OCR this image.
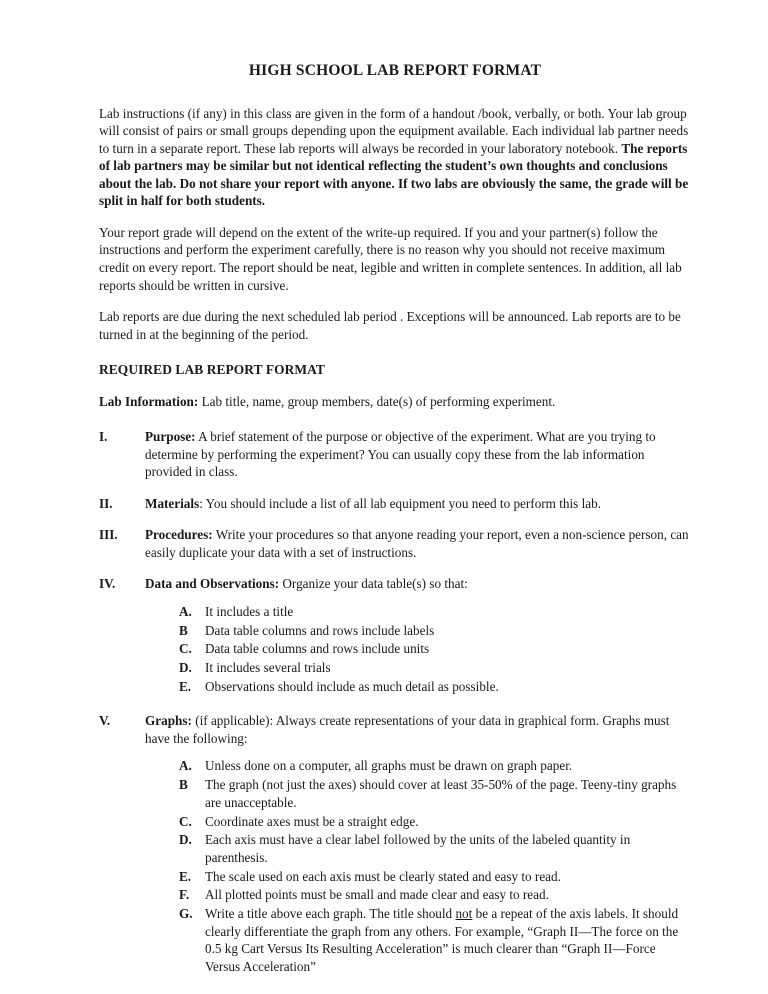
HIGH SCHOOL LAB REPORT FORMAT

Lab instructions (if any) in this class are given in the form of a handout /book, verbally, or both. Your lab group will consist of pairs or small groups depending upon the equipment available. Each individual lab partner needs to turn in a separate report. These lab reports will always be recorded in your laboratory notebook. The reports of lab partners may be similar but not identical reflecting the student’s own thoughts and conclusions about the lab. Do not share your report with anyone. If two labs are obviously the same, the grade will be split in half for both students.

Your report grade will depend on the extent of the write-up required. If you and your partner(s) follow the instructions and perform the experiment carefully, there is no reason why you should not receive maximum credit on every report. The report should be neat, legible and written in complete sentences. In addition, all lab reports should be written in cursive.

Lab reports are due during the next scheduled lab period . Exceptions will be announced. Lab reports are to be turned in at the beginning of the period.

REQUIRED LAB REPORT FORMAT
Lab Information: Lab title, name, group members, date(s) of performing experiment.
I.	Purpose: A brief statement of the purpose or objective of the experiment. What are you trying to determine by performing the experiment? You can usually copy these from the lab information provided in class.
II.	Materials: You should include a list of all lab equipment you need to perform this lab.
III.	Procedures: Write your procedures so that anyone reading your report, even a non-science person, can easily duplicate your data with a set of instructions.
IV.	Data and Observations: Organize your data table(s) so that:
A. It includes a title
B	Data table columns and rows include labels
C. Data table columns and rows include units
D. It includes several trials
E.	Observations should include as much detail as possible.
V.	Graphs: (if applicable): Always create representations of your data in graphical form. Graphs must have the following:
A. Unless done on a computer, all graphs must be drawn on graph paper.
B	The graph (not just the axes) should cover at least 35-50% of the page. Teeny-tiny graphs are unacceptable.
C. Coordinate axes must be a straight edge.
D. Each axis must have a clear label followed by the units of the labeled quantity in parenthesis.
E.	The scale used on each axis must be clearly stated and easy to read.
F.	All plotted points must be small and made clear and easy to read.
G. Write a title above each graph. The title should not be a repeat of the axis labels. It should clearly differentiate the graph from any others. For example, “Graph II—The force on the 0.5 kg Cart Versus Its Resulting Acceleration” is much clearer than “Graph II—Force Versus Acceleration”
